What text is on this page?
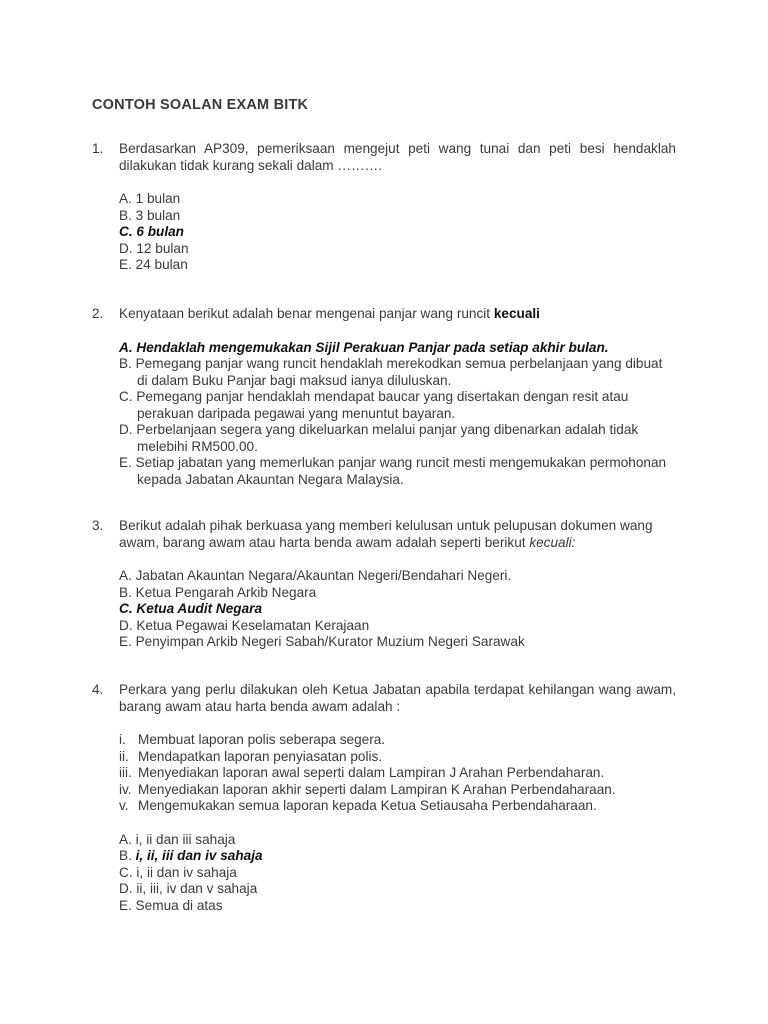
CONTOH SOALAN EXAM BITK
1. Berdasarkan AP309, pemeriksaan mengejut peti wang tunai dan peti besi hendaklah dilakukan tidak kurang sekali dalam ……….
A. 1 bulan
B. 3 bulan
C. 6 bulan
D. 12 bulan
E. 24 bulan
2. Kenyataan berikut adalah benar mengenai panjar wang runcit kecuali
A. Hendaklah mengemukakan Sijil Perakuan Panjar pada setiap akhir bulan.
B. Pemegang panjar wang runcit hendaklah merekodkan semua perbelanjaan yang dibuat di dalam Buku Panjar bagi maksud ianya diluluskan.
C. Pemegang panjar hendaklah mendapat baucar yang disertakan dengan resit atau perakuan daripada pegawai yang menuntut bayaran.
D. Perbelanjaan segera yang dikeluarkan melalui panjar yang dibenarkan adalah tidak melebihi RM500.00.
E. Setiap jabatan yang memerlukan panjar wang runcit mesti mengemukakan permohonan kepada Jabatan Akauntan Negara Malaysia.
3. Berikut adalah pihak berkuasa yang memberi kelulusan untuk pelupusan dokumen wang awam, barang awam atau harta benda awam adalah seperti berikut kecuali:
A. Jabatan Akauntan Negara/Akauntan Negeri/Bendahari Negeri.
B. Ketua Pengarah Arkib Negara
C. Ketua Audit Negara
D. Ketua Pegawai Keselamatan Kerajaan
E. Penyimpan Arkib Negeri Sabah/Kurator Muzium Negeri Sarawak
4. Perkara yang perlu dilakukan oleh Ketua Jabatan apabila terdapat kehilangan wang awam, barang awam atau harta benda awam adalah :
i. Membuat laporan polis seberapa segera.
ii. Mendapatkan laporan penyiasatan polis.
iii. Menyediakan laporan awal seperti dalam Lampiran J Arahan Perbendaharan.
iv. Menyediakan laporan akhir seperti dalam Lampiran K Arahan Perbendaharaan.
v. Mengemukakan semua laporan kepada Ketua Setiausaha Perbendaharaan.
A. i, ii dan iii sahaja
B. i, ii, iii dan iv sahaja
C. i, ii dan iv sahaja
D. ii, iii, iv dan v sahaja
E. Semua di atas
